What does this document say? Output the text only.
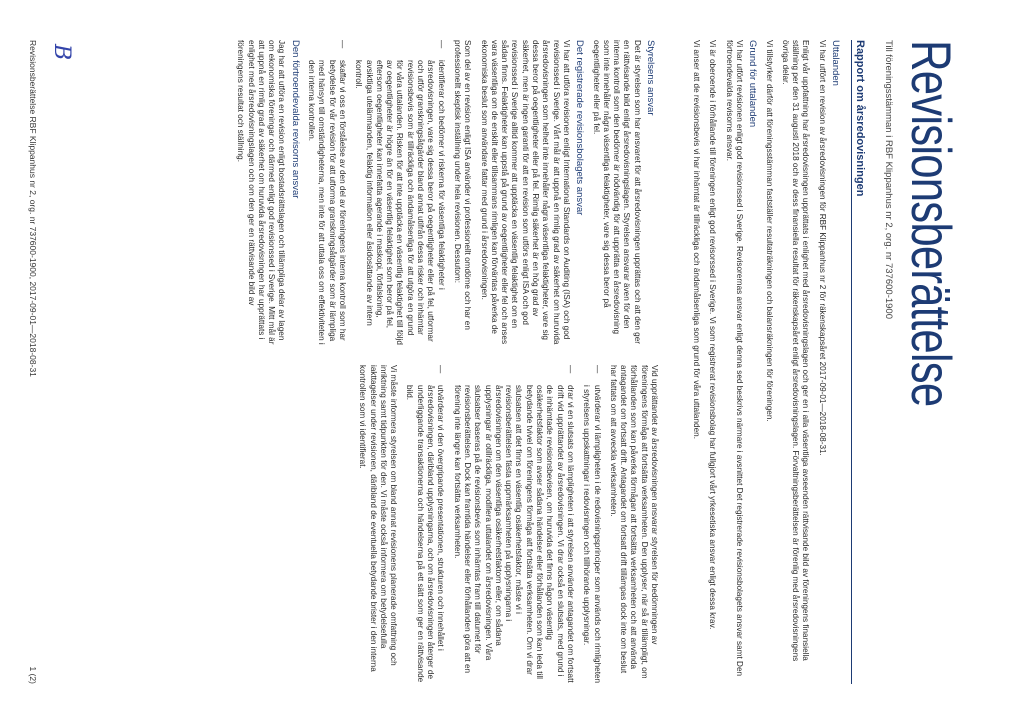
Revisionsberättelse
Till föreningsstämman i RBF Klippanhus nr 2, org. nr 737600-1900
Rapport om årsredovisningen
Uttalanden

Vi har utfört en revision av årsredovisningen för RBF Klippanhus nr 2 för räkenskapsåret 2017-09-01—2018-08-31.

Enligt vår uppfattning har årsredovisningen upprättats i enlighet med årsredovisningslagen och ger en i alla väsentliga avseenden rättvisande bild av föreningens finansiella ställning per den 31 augusti 2018 och av dess finansiella resultat för räkenskapsåret enligt årsredovisningslagen. Förvaltningsberättelsen är förenlig med årsredovisningens övriga delar.

Vi tillstyrker därför att föreningsstämman fastställer resultaträkningen och balansräkningen för föreningen.

Grund för uttalanden

Vi har utfört revisionen enligt god revisionssed i Sverige. Revisorernas ansvar enligt denna sed beskrivs närmare i avsnittet Det registrerade revisionsbolagets ansvar samt Den förtroendevalda revisorns ansvar.

Vi är oberoende i förhållande till föreningen enligt god revisorssed i Sverige. Vi som registrerat revisionsbolag har fullgjort vårt yrkesetiska ansvar enligt dessa krav.

Vi anser att de revisionsbevis vi har inhämtat är tillräckliga och ändamålsenliga som grund för våra uttalanden.

Styrelsens ansvar

Det är styrelsen som har ansvaret för att årsredovisningen upprättas och att den ger en rättvisande bild enligt årsredovisningslagen. Styrelsen ansvarar även för den interna kontroll som den bedömer är nödvändig för att upprätta en årsredovisning som inte innehåller några väsentliga felaktigheter, vare sig dessa beror på oegentligheter eller på fel.

Det registrerade revisionsbolagets ansvar

Vi har att utföra revisionen enligt International Standards on Auditing (ISA) och god revisionssed i Sverige. Vårt mål är att uppnå en rimlig grad av säkerhet om huruvida årsredovisningen som helhet inte innehåller några väsentliga felaktigheter, vare sig dessa beror på oegentligheter eller på fel. Rimlig säkerhet är en hög grad av säkerhet, men är ingen garanti för att en revision som utförs enligt ISA och god revisionssed i Sverige alltid kommer att upptäcka en väsentlig felaktighet om en sådan finns. Felaktigheter kan uppstå på grund av oegentligheter eller fel och anses vara väsentliga om de enskilt eller tillsammans rimligen kan förväntas påverka de ekonomiska beslut som användare fattar med grund i årsredovisningen.

Som del av en revision enligt ISA använder vi professionellt omdöme och har en professionellt skeptisk inställning under hela revisionen. Dessutom:

— identifierar och bedömer vi riskerna för väsentliga felaktigheter i årsredovisningen, vare sig dessa beror på oegentligheter eller på fel, utformar och utför granskningsåtgärder bland annat utifrån dessa risker och inhämtar revisionsbevis som är tillräckliga och ändamålsenliga för att utgöra en grund för våra uttalanden. Risken för att inte upptäcka en väsentlig felaktighet till följd av oegentligheter är högre än för en väsentlig felaktighet som beror på fel, eftersom oegentligheter kan innefatta agerande i maskopi, förfalskning, avsiktliga utelämnanden, felaktig information eller åsidosättande av intern kontroll.
— skaffar vi oss en förståelse av den del av föreningens interna kontroll som har betydelse för vår revision för att utforma granskningsåtgärder som är lämpliga med hänsyn till omständigheterna, men inte för att uttala oss om effektiviteten i den interna kontrollen.
Den förtroendevalda revisorns ansvar

Jag har att utföra en revision enligt bostadsrättslagen och tillämpliga delar av lagen om ekonomiska föreningar och därmed enligt god revisionssed i Sverige. Mitt mål är att uppnå en rimlig grad av säkerhet om huruvida årsredovisningen har upprättats i enlighet med årsredovisningslagen och om den ger en rättvisande bild av föreningens resultat och ställning.

Vid upprättandet av årsredovisningen ansvarar styrelsen för bedömningen av föreningens förmåga att fortsätta verksamheten. Den upplyser, när så är tillämpligt, om förhållanden som kan påverka förmågan att fortsätta verksamheten och att använda antagandet om fortsatt drift. Antagandet om fortsatt drift tillämpas dock inte om beslut har fattats om att avveckla verksamheten.

— utvärderar vi lämpligheten i de redovisningsprinciper som används och rimligheten i styrelsens uppskattningar i redovisningen och tillhörande upplysningar.
— drar vi en slutsats om lämpligheten i att styrelsen använder antagandet om fortsatt drift vid upprättandet av årsredovisningen. Vi drar också en slutsats, med grund i de inhämtade revisionsbevisen, om huruvida det finns någon väsentlig osäkerhetsfaktor som avser sådana händelser eller förhållanden som kan leda till betydande tvivel om föreningens förmåga att fortsätta verksamheten. Om vi drar slutsatsen att det finns en väsentlig osäkerhetsfaktor, måste vi i revisionsberättelsen fästa uppmärksamheten på upplysningarna i årsredovisningen om den väsentliga osäkerhetsfaktorn eller, om sådana upplysningar är otillräckliga, modifiera uttalandet om årsredovisningen. Våra slutsatser baseras på de revisionsbevis som inhämtas fram till datumet för revisionsberättelsen. Dock kan framtida händelser eller förhållanden göra att en förening inte längre kan fortsätta verksamheten.
— utvärderar vi den övergripande presentationen, strukturen och innehållet i årsredovisningen, däribland upplysningarna, och om årsredovisningen återger de underliggande transaktionerna och händelserna på ett sätt som ger en rättvisande bild.

Vi måste informera styrelsen om bland annat revisionens planerade omfattning och inriktning samt tidpunkten för den. Vi måste också informera om betydelsefulla iakttagelser under revisionen, däribland de eventuella betydande brister i den interna kontrollen som vi identifierat.

B
Revisionsberättelse RBF Klippanhus nr 2, org. nr 737600-1900, 2017-09-01—2018-08-31
1 (2)
